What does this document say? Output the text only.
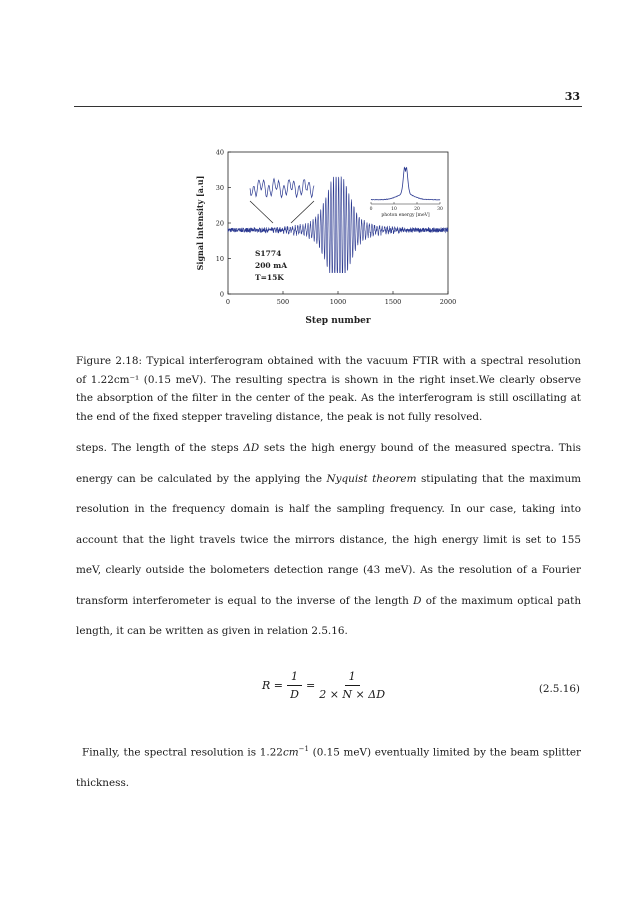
33
0	500	1000	1500	2000
0
10
20
30
40
Step number
Signal intensity [a.u]	0	10	20	30
photon energy [meV]
S1774
200 mA
T=15K
Figure 2.18: Typical interferogram obtained with the vacuum FTIR with a spectral resolution of 1.22cm⁻¹ (0.15 meV). The resulting spectra is shown in the right inset.We clearly observe the absorption of the filter in the center of the peak. As the interferogram is still oscillating at the end of the fixed stepper traveling distance, the peak is not fully resolved.

steps. The length of the steps ΔD sets the high energy bound of the measured spectra. This energy can be calculated by the applying the Nyquist theorem stipulating that the maximum resolution in the frequency domain is half the sampling frequency. In our case, taking into account that the light travels twice the mirrors distance, the high energy limit is set to 155 meV, clearly outside the bolometers detection range (43 meV). As the resolution of a Fourier transform interferometer is equal to the inverse of the length D of the maximum optical path length, it can be written as given in relation 2.5.16.

$R = \frac{1}{D} = \frac{1}{2 \times N \times \Delta D}$	(2.5.16)

Finally, the spectral resolution is $1.22cm^{-1}$ (0.15 meV) eventually limited by the beam splitter thickness.
